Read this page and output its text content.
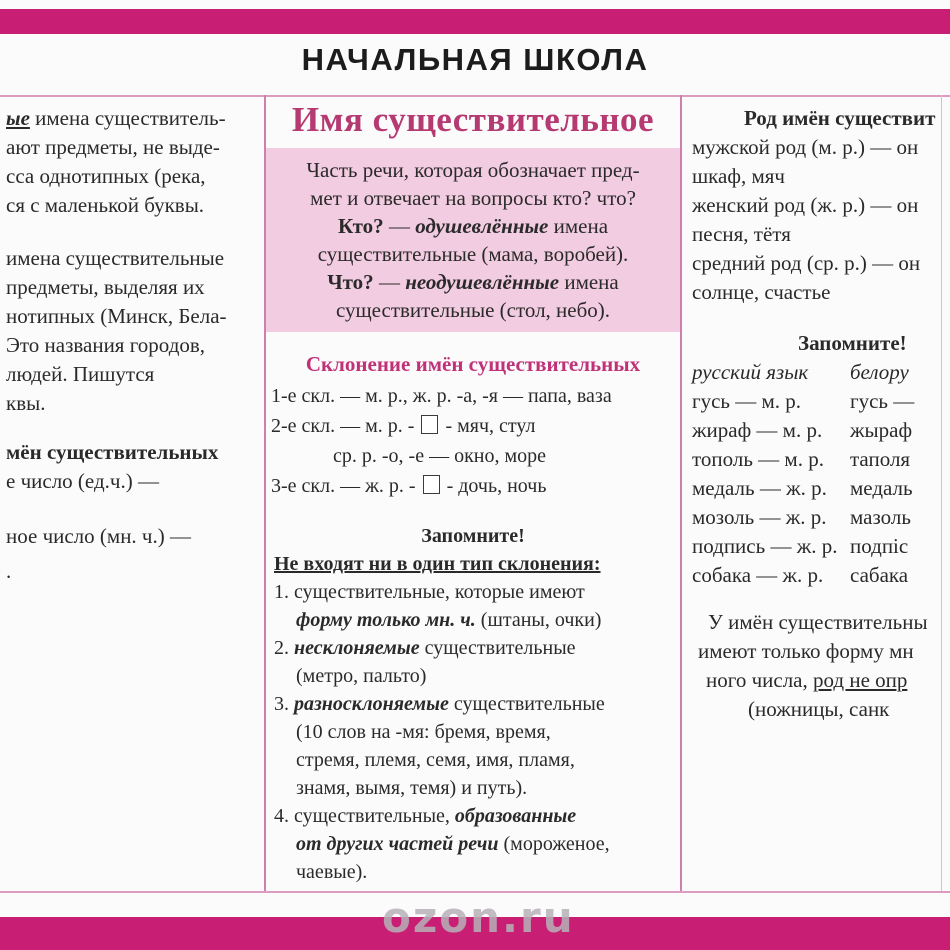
НАЧАЛЬНАЯ ШКОЛА
ые имена существитель-
ают предметы, не выде-
сса однотипных (река,
ся с маленькой буквы.
имена существительные
предметы, выделяя их
нотипных (Минск, Бела-
Это названия городов,
людей. Пишутся
квы.
мён существительных
е число (ед.ч.) —
ное число (мн. ч.) —
.
Имя существительное
Часть речи, которая обозначает пред-
мет и отвечает на вопросы кто? что?
Кто? — одушевлённые имена
существительные (мама, воробей).
Что? — неодушевлённые имена
существительные (стол, небо).
Склонение имён существительных
1-е скл. — м. р., ж. р. -а, -я — папа, ваза
2-е скл. — м. р. -  - мяч, стул
ср. р. -о, -е — окно, море
3-е скл. — ж. р. -  - дочь, ночь
Запомните!
Не входят ни в один тип склонения:
1. существительные, которые имеют
форму только мн. ч. (штаны, очки)
2. несклоняемые существительные
(метро, пальто)
3. разносклоняемые существительные
(10 слов на -мя: бремя, время,
стремя, племя, семя, имя, пламя,
знамя, вымя, темя) и путь).
4. существительные, образованные
от других частей речи (мороженое,
чаевые).
Род имён существит
мужской род (м. р.) — он
шкаф, мяч
женский род (ж. р.) — он
песня, тётя
средний род (ср. р.) — он
солнце, счастье
Запомните!
русский язык белору
гусь — м. р. гусь —
жираф — м. р. жыраф
тополь — м. р. таполя
медаль — ж. р. медаль
мозоль — ж. р. мазоль
подпись — ж. р. подпіс
собака — ж. р. сабака
У имён существительны
имеют только форму мн
ного числа, род не опр
(ножницы, санк
ozon.ru
